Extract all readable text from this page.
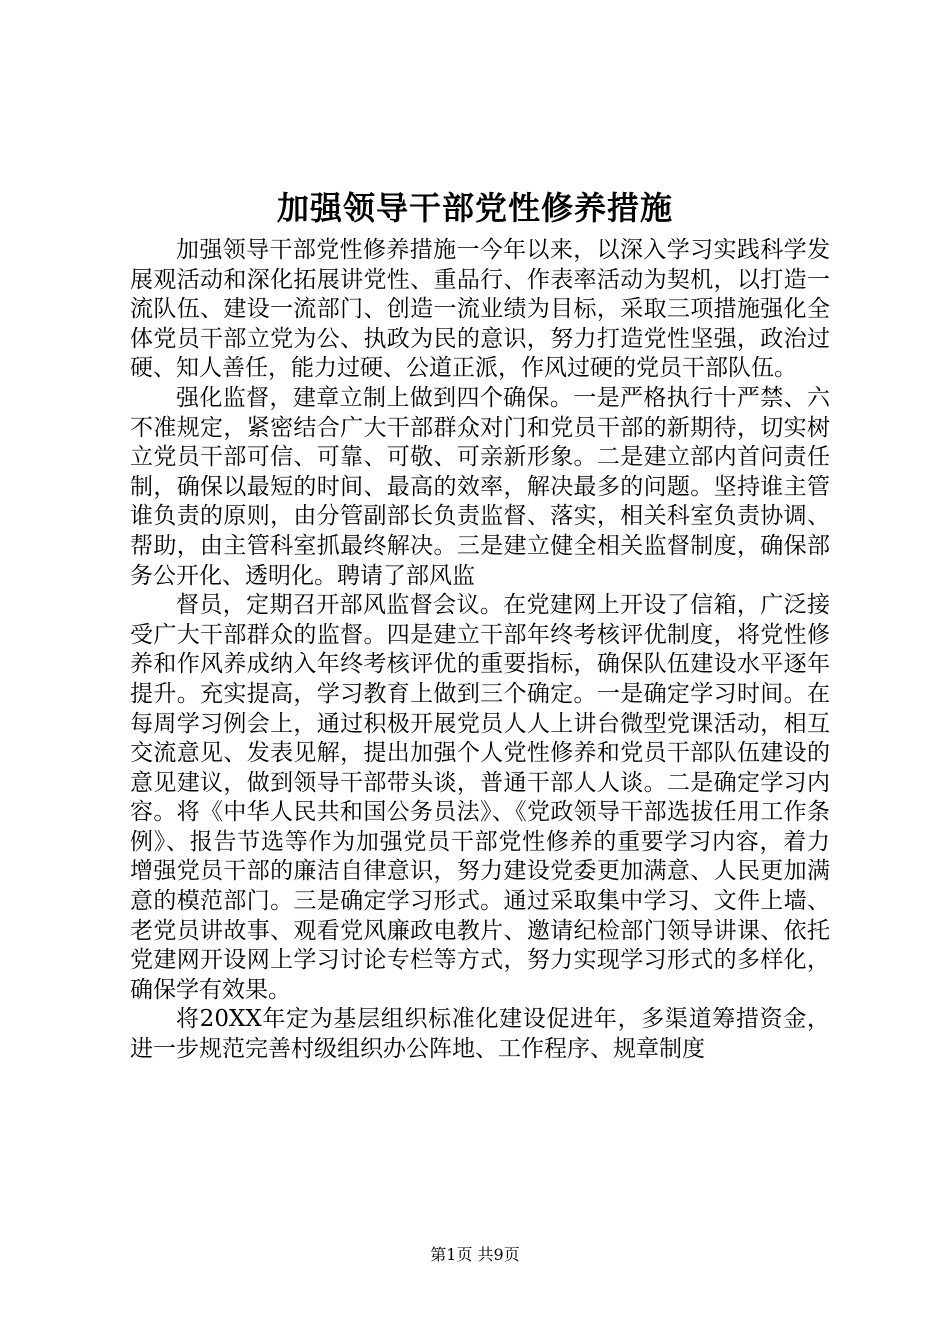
加强领导干部党性修养措施

加强领导干部党性修养措施一今年以来，以深入学习实践科学发展观活动和深化拓展讲党性、重品行、作表率活动为契机，以打造一流队伍、建设一流部门、创造一流业绩为目标，采取三项措施强化全体党员干部立党为公、执政为民的意识，努力打造党性坚强，政治过硬、知人善任，能力过硬、公道正派，作风过硬的党员干部队伍。

强化监督，建章立制上做到四个确保。一是严格执行十严禁、六不准规定，紧密结合广大干部群众对门和党员干部的新期待，切实树立党员干部可信、可靠、可敬、可亲新形象。二是建立部内首问责任制，确保以最短的时间、最高的效率，解决最多的问题。坚持谁主管谁负责的原则，由分管副部长负责监督、落实，相关科室负责协调、帮助，由主管科室抓最终解决。三是建立健全相关监督制度，确保部务公开化、透明化。聘请了部风监

督员，定期召开部风监督会议。在党建网上开设了信箱，广泛接受广大干部群众的监督。四是建立干部年终考核评优制度，将党性修养和作风养成纳入年终考核评优的重要指标，确保队伍建设水平逐年提升。充实提高，学习教育上做到三个确定。一是确定学习时间。在每周学习例会上，通过积极开展党员人人上讲台微型党课活动，相互交流意见、发表见解，提出加强个人党性修养和党员干部队伍建设的意见建议，做到领导干部带头谈，普通干部人人谈。二是确定学习内容。将《中华人民共和国公务员法》、《党政领导干部选拔任用工作条例》、报告节选等作为加强党员干部党性修养的重要学习内容，着力增强党员干部的廉洁自律意识，努力建设党委更加满意、人民更加满意的模范部门。三是确定学习形式。通过采取集中学习、文件上墙、老党员讲故事、观看党风廉政电教片、邀请纪检部门领导讲课、依托党建网开设网上学习讨论专栏等方式，努力实现学习形式的多样化，确保学有效果。

将20XX年定为基层组织标准化建设促进年，多渠道筹措资金，进一步规范完善村级组织办公阵地、工作程序、规章制度

第1页 共9页
